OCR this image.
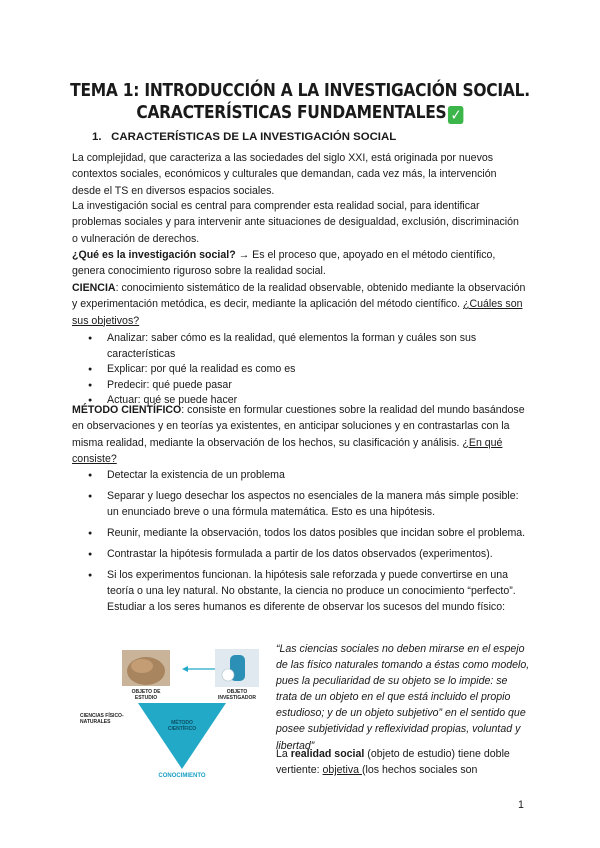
TEMA 1: INTRODUCCIÓN A LA INVESTIGACIÓN SOCIAL.
CARACTERÍSTICAS FUNDAMENTALES ✓
1. CARACTERÍSTICAS DE LA INVESTIGACIÓN SOCIAL
La complejidad, que caracteriza a las sociedades del siglo XXI, está originada por nuevos contextos sociales, económicos y culturales que demandan, cada vez más, la intervención desde el TS en diversos espacios sociales.
La investigación social es central para comprender esta realidad social, para identificar problemas sociales y para intervenir ante situaciones de desigualdad, exclusión, discriminación o vulneración de derechos.
¿Qué es la investigación social? → Es el proceso que, apoyado en el método científico, genera conocimiento riguroso sobre la realidad social.
CIENCIA: conocimiento sistemático de la realidad observable, obtenido mediante la observación y experimentación metódica, es decir, mediante la aplicación del método científico. ¿Cuáles son sus objetivos?
● Analizar: saber cómo es la realidad, qué elementos la forman y cuáles son sus características
● Explicar: por qué la realidad es como es
● Predecir: qué puede pasar
● Actuar: qué se puede hacer
MÉTODO CIENTÍFICO: consiste en formular cuestiones sobre la realidad del mundo basándose en observaciones y en teorías ya existentes, en anticipar soluciones y en contrastarlas con la misma realidad, mediante la observación de los hechos, su clasificación y análisis. ¿En qué consiste?
● Detectar la existencia de un problema
● Separar y luego desechar los aspectos no esenciales de la manera más simple posible: un enunciado breve o una fórmula matemática. Esto es una hipótesis.
● Reunir, mediante la observación, todos los datos posibles que incidan sobre el problema.
● Contrastar la hipótesis formulada a partir de los datos observados (experimentos).
● Si los experimentos funcionan. la hipótesis sale reforzada y puede convertirse en una teoría o una ley natural. No obstante, la ciencia no produce un conocimiento “perfecto”. Estudiar a los seres humanos es diferente de observar los sucesos del mundo físico:
OBJETO DE ESTUDIO
OBJETO INVESTIGADOR
CIENCIAS FÍSICO-NATURALES	MÉTODO CIENTÍFICO
CONOCIMIENTO
“Las ciencias sociales no deben mirarse en el espejo de las físico naturales tomando a éstas como modelo, pues la peculiaridad de su objeto se lo impide: se trata de un objeto en el que está incluido el propio estudioso; y de un objeto subjetivo” en el sentido que posee subjetividad y reflexividad propias, voluntad y libertad”
La realidad social (objeto de estudio) tiene doble vertiente: objetiva (los hechos sociales son
1
